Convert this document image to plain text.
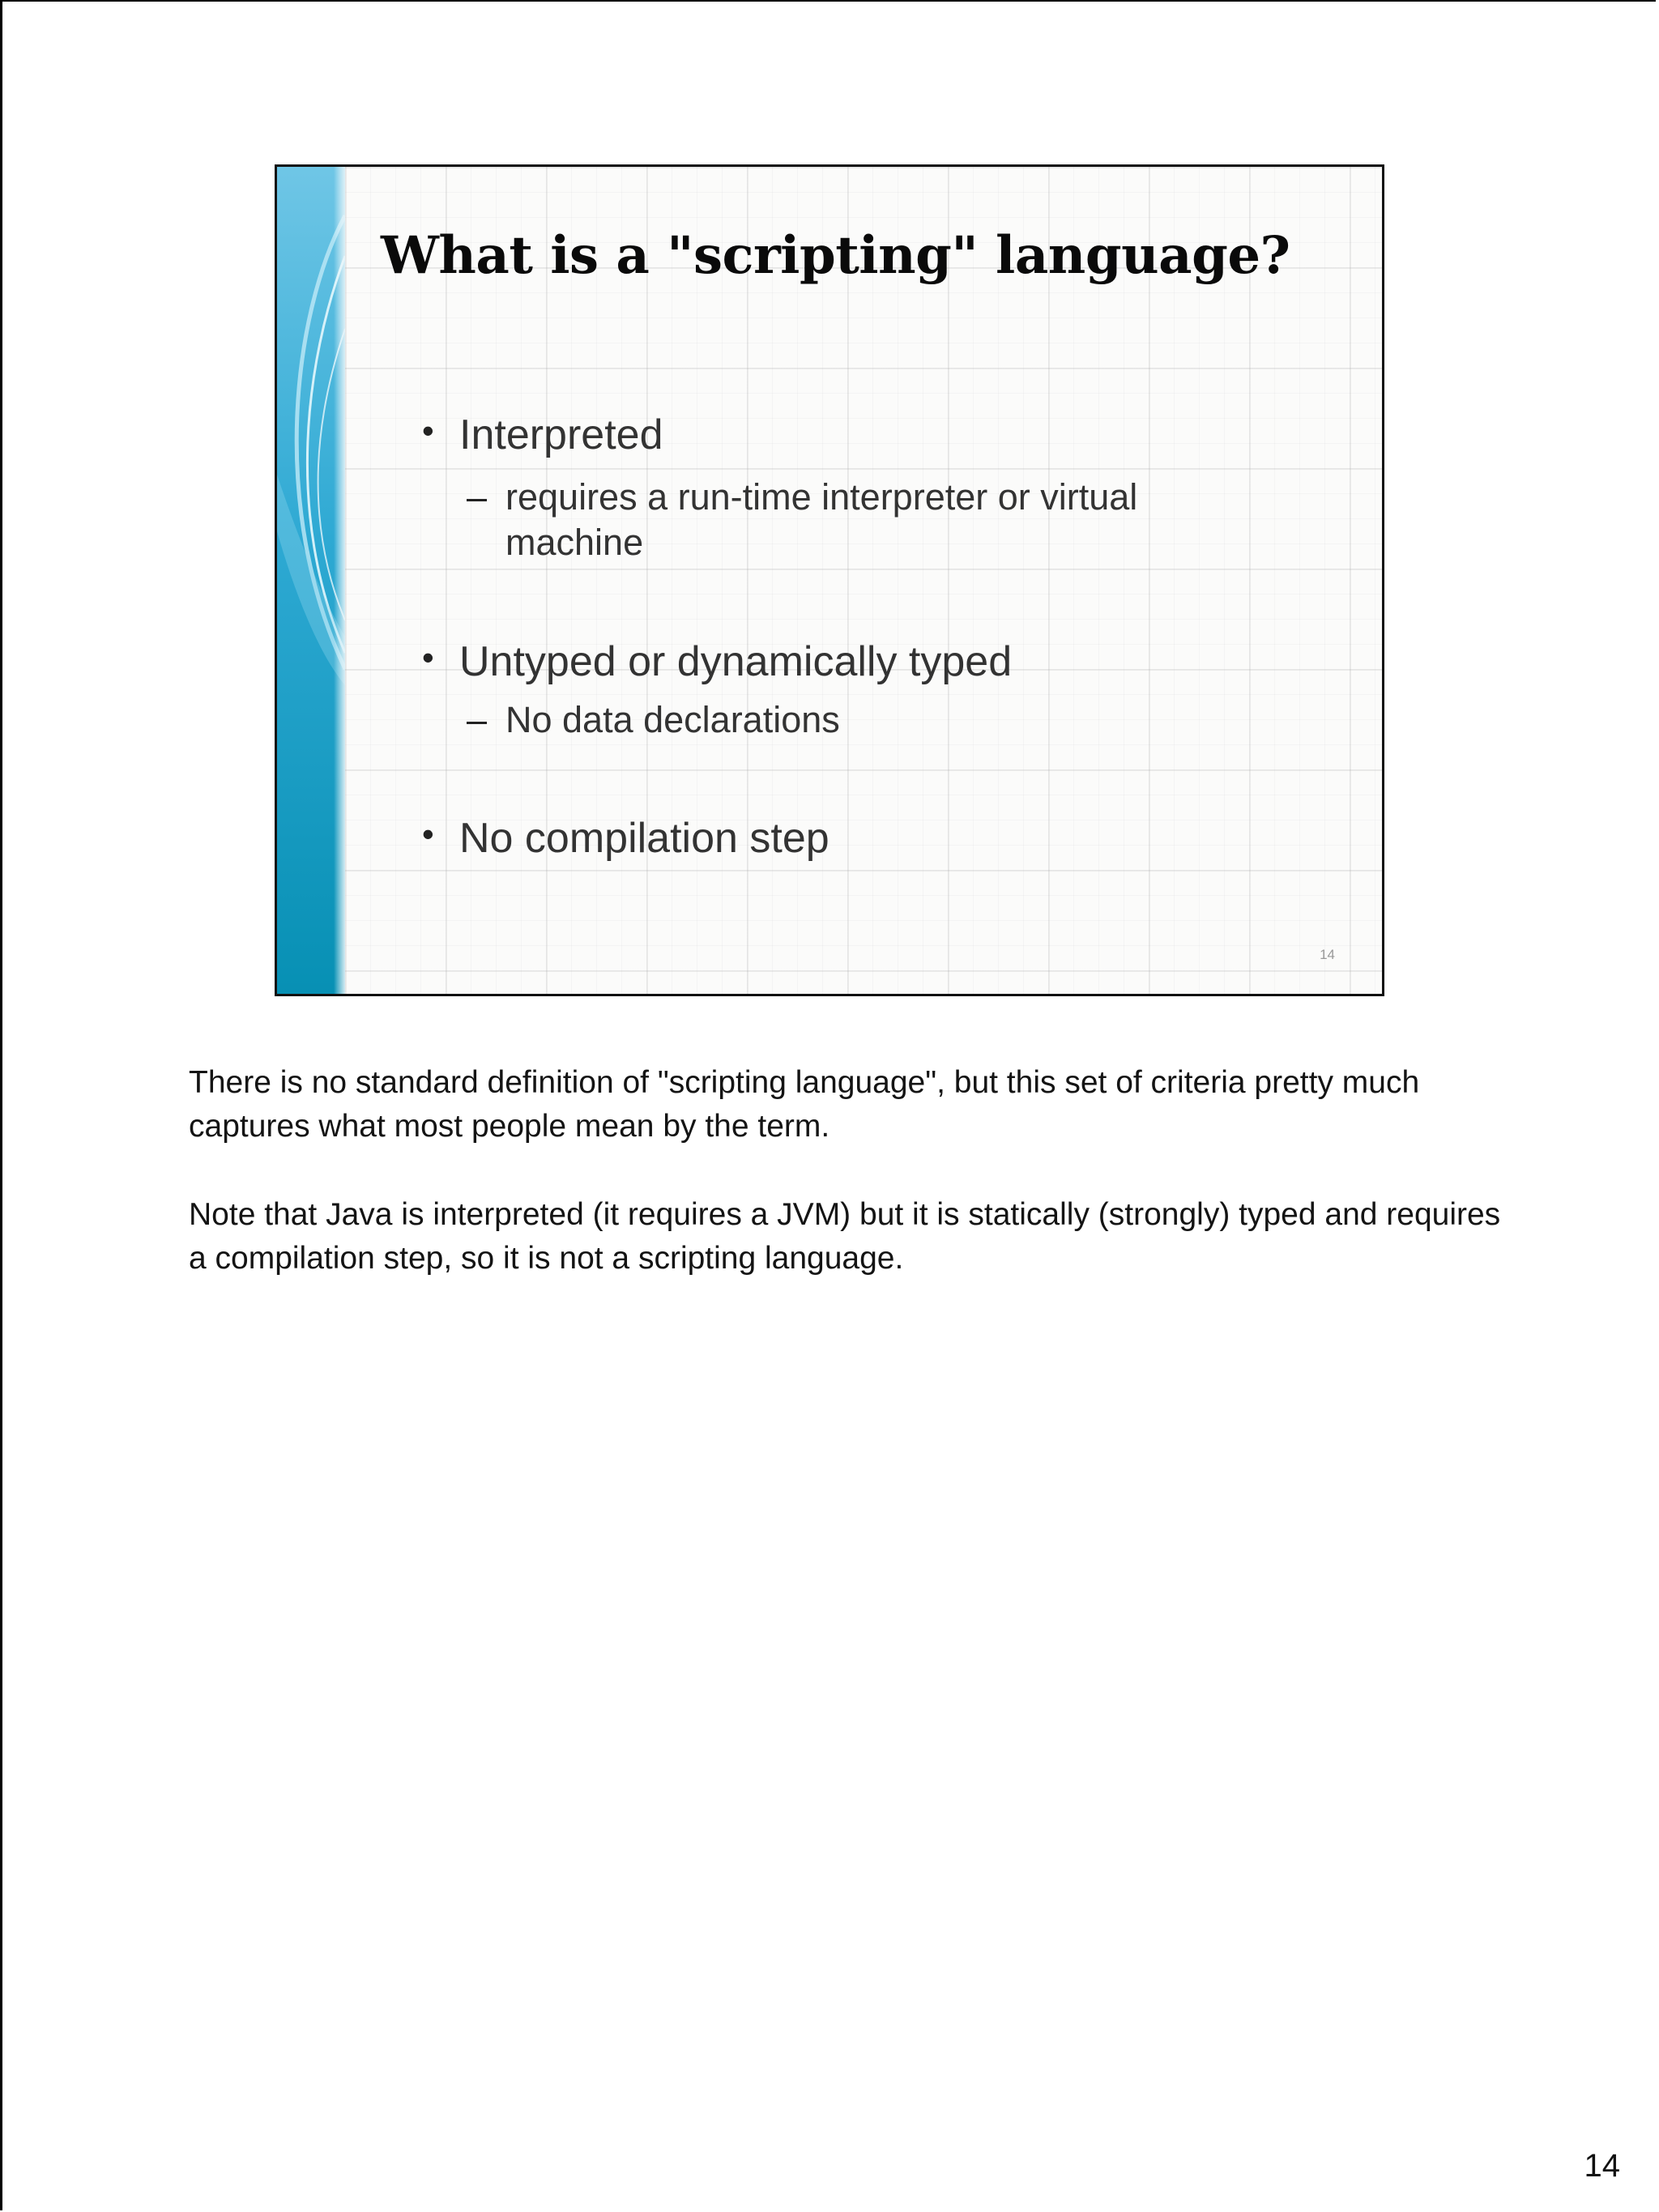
What is a "scripting" language?
• Interpreted
– requires a run-time interpreter or virtual machine
• Untyped or dynamically typed
– No data declarations
• No compilation step
14

There is no standard definition of "scripting language", but this set of criteria pretty much captures what most people mean by the term.

Note that Java is interpreted (it requires a JVM) but it is statically (strongly) typed and requires a compilation step, so it is not a scripting language.

14
